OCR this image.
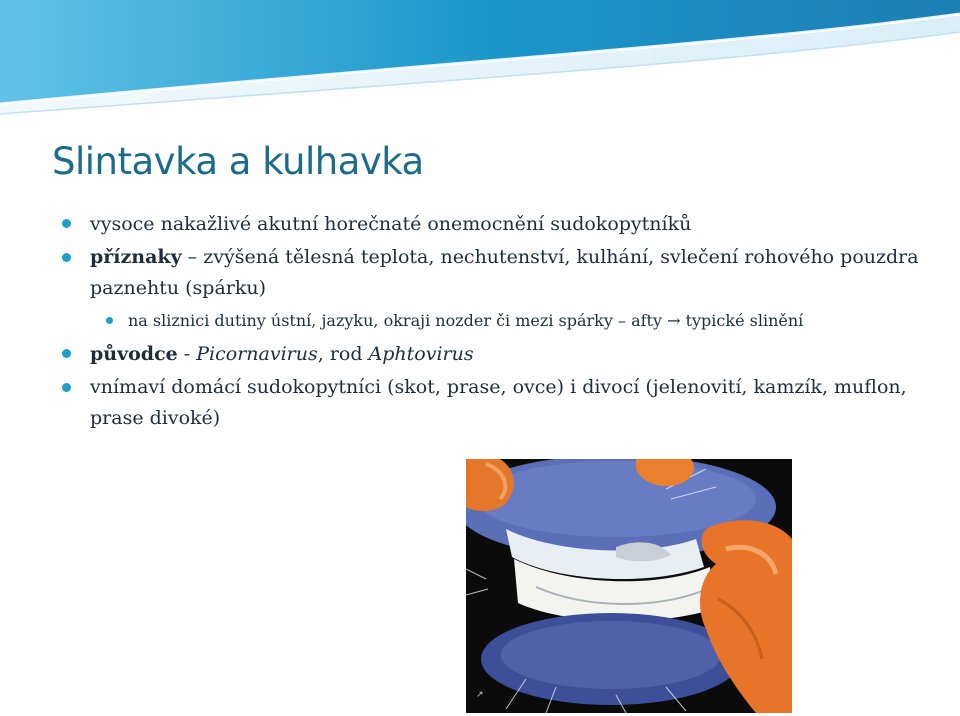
Slintavka a kulhavka
vysoce nakažlivé akutní horečnaté onemocnění sudokopytníků
příznaky – zvýšená tělesná teplota, nechutenství, kulhání, svlečení rohového pouzdra paznehtu (spárku)
na sliznici dutiny ústní, jazyku, okraji nozder či mezi spárky – afty → typické slinění
původce - Picornavirus, rod Aphtovirus
vnímaví domácí sudokopytníci (skot, prase, ovce) i divocí (jelenovití, kamzík, muflon, prase divoké)
↗
